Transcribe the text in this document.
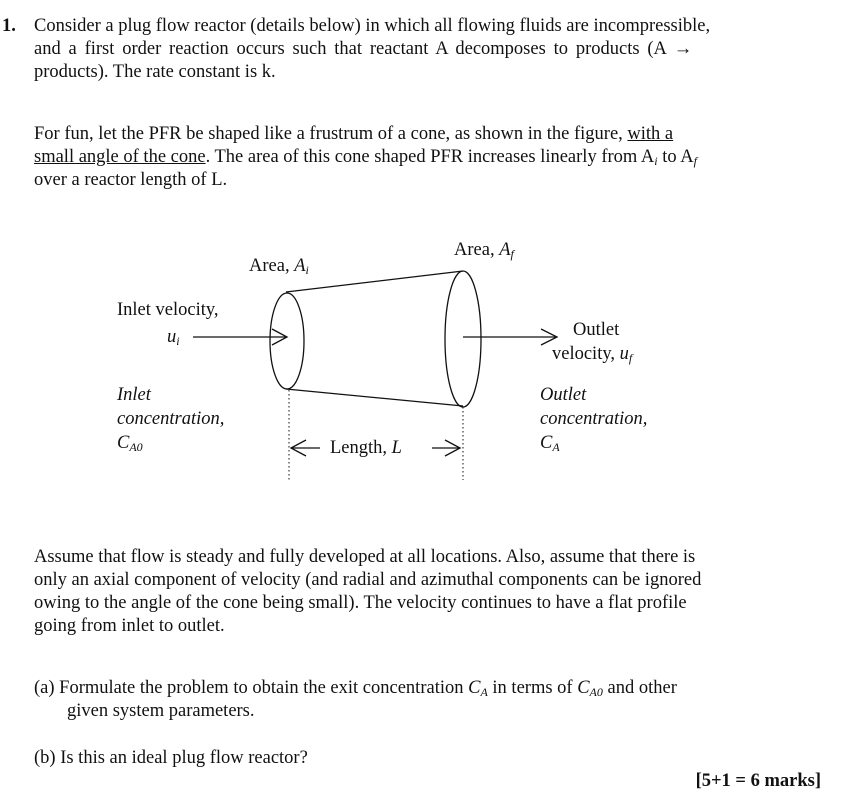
1. Consider a plug flow reactor (details below) in which all flowing fluids are incompressible,
and a first order reaction occurs such that reactant A decomposes to products (A →
products). The rate constant is k.
For fun, let the PFR be shaped like a frustrum of a cone, as shown in the figure, with a
small angle of the cone. The area of this cone shaped PFR increases linearly from $A_i$ to $A_f$
over a reactor length of L.
Area, $A_i$
Area, $A_f$
Inlet velocity,
$u_i$
Outlet
velocity, $u_f$
Inlet
concentration,
$C_{A0}$
Outlet
concentration,
$C_A$
Length, L
Assume that flow is steady and fully developed at all locations. Also, assume that there is
only an axial component of velocity (and radial and azimuthal components can be ignored
owing to the angle of the cone being small). The velocity continues to have a flat profile
going from inlet to outlet.
(a) Formulate the problem to obtain the exit concentration $C_A$ in terms of $C_{A0}$ and other
given system parameters.
(b) Is this an ideal plug flow reactor?
[5+1 = 6 marks]
